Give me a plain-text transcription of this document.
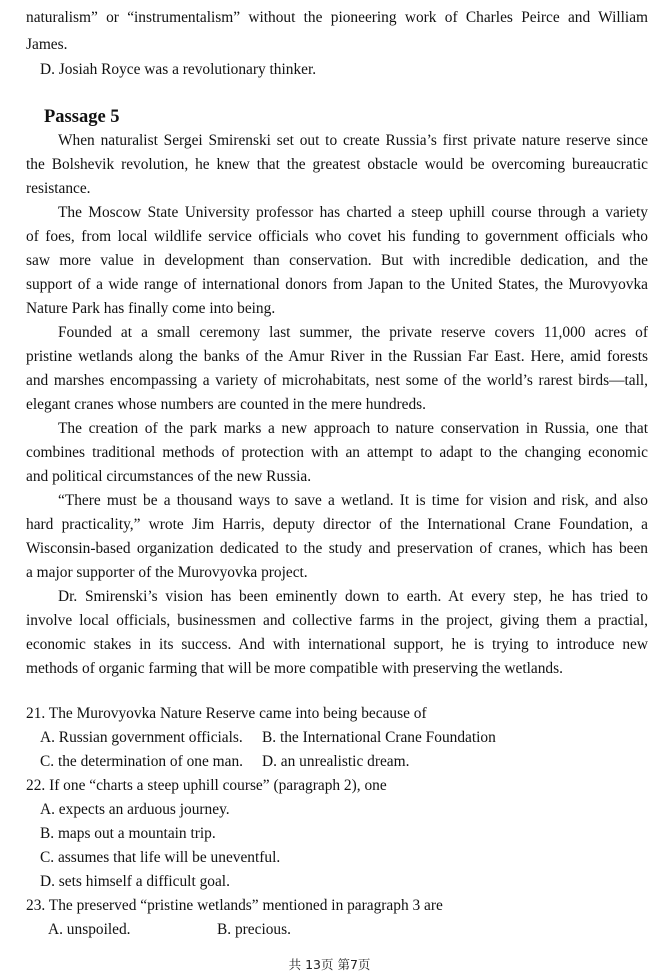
naturalism” or “instrumentalism” without the pioneering work of Charles Peirce and William
James.
D. Josiah Royce was a revolutionary thinker.
Passage 5
When naturalist Sergei Smirenski set out to create Russia’s first private nature reserve since
the Bolshevik revolution, he knew that the greatest obstacle would be overcoming bureaucratic
resistance.
The Moscow State University professor has charted a steep uphill course through a variety
of foes, from local wildlife service officials who covet his funding to government officials who
saw more value in development than conservation. But with incredible dedication, and the
support of a wide range of international donors from Japan to the United States, the Murovyovka
Nature Park has finally come into being.
Founded at a small ceremony last summer, the private reserve covers 11,000 acres of
pristine wetlands along the banks of the Amur River in the Russian Far East. Here, amid forests
and marshes encompassing a variety of microhabitats, nest some of the world’s rarest birds—tall,
elegant cranes whose numbers are counted in the mere hundreds.
The creation of the park marks a new approach to nature conservation in Russia, one that
combines traditional methods of protection with an attempt to adapt to the changing economic
and political circumstances of the new Russia.
“There must be a thousand ways to save a wetland. It is time for vision and risk, and also
hard practicality,” wrote Jim Harris, deputy director of the International Crane Foundation, a
Wisconsin-based organization dedicated to the study and preservation of cranes, which has been
a major supporter of the Murovyovka project.
Dr. Smirenski’s vision has been eminently down to earth. At every step, he has tried to
involve local officials, businessmen and collective farms in the project, giving them a practial,
economic stakes in its success. And with international support, he is trying to introduce new
methods of organic farming that will be more compatible with preserving the wetlands.
21. The Murovyovka Nature Reserve came into being because of
A. Russian government officials. B. the International Crane Foundation
C. the determination of one man. D. an unrealistic dream.
22. If one “charts a steep uphill course” (paragraph 2), one
A. expects an arduous journey.
B. maps out a mountain trip.
C. assumes that life will be uneventful.
D. sets himself a difficult goal.
23. The preserved “pristine wetlands” mentioned in paragraph 3 are
A. unspoiled.	B. precious.
共 13页 第7页
